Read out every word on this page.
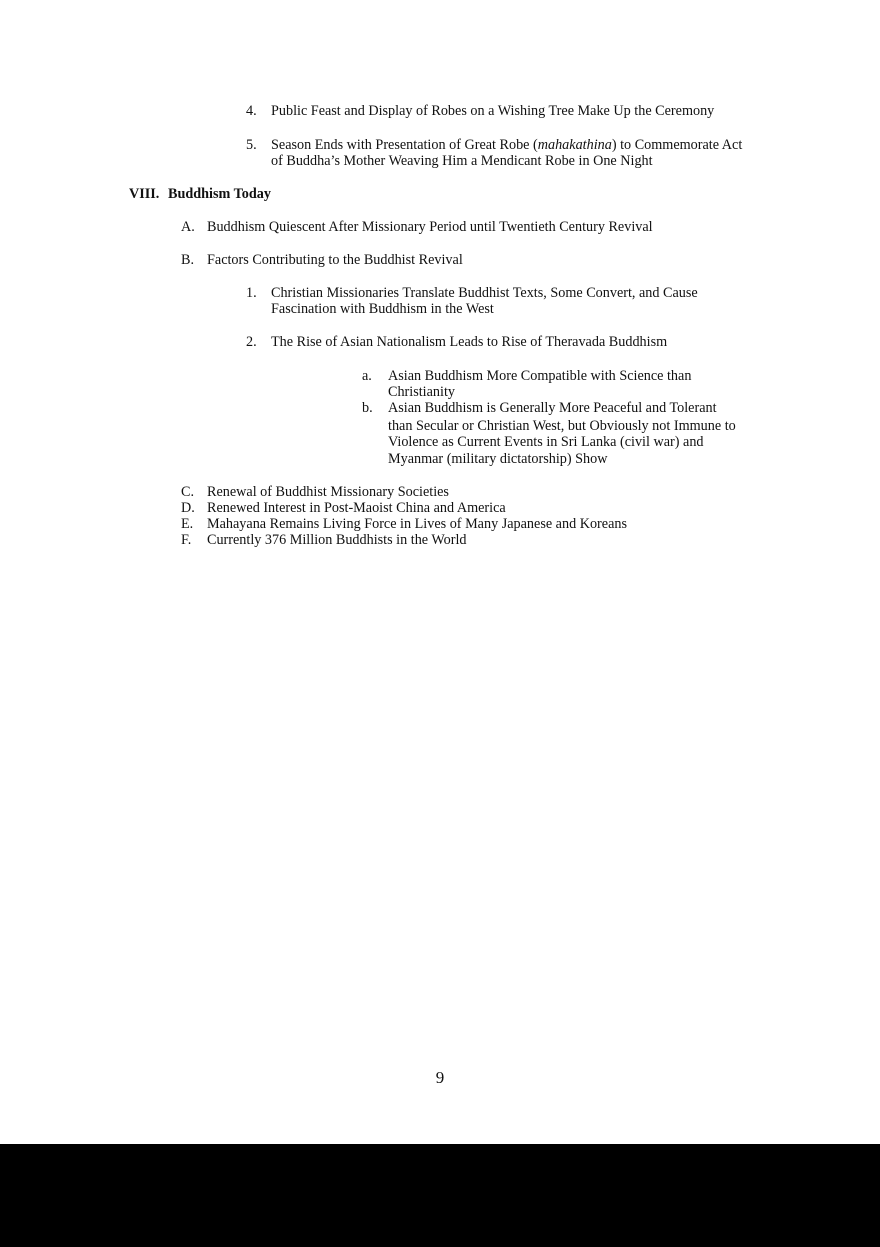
4. Public Feast and Display of Robes on a Wishing Tree Make Up the Ceremony
5. Season Ends with Presentation of Great Robe (mahakathina) to Commemorate Act
of Buddha’s Mother Weaving Him a Mendicant Robe in One Night
VIII. Buddhism Today
A. Buddhism Quiescent After Missionary Period until Twentieth Century Revival
B. Factors Contributing to the Buddhist Revival
1. Christian Missionaries Translate Buddhist Texts, Some Convert, and Cause
Fascination with Buddhism in the West
2. The Rise of Asian Nationalism Leads to Rise of Theravada Buddhism
a. Asian Buddhism More Compatible with Science than
Christianity
b. Asian Buddhism is Generally More Peaceful and Tolerant
than Secular or Christian West, but Obviously not Immune to
Violence as Current Events in Sri Lanka (civil war) and
Myanmar (military dictatorship) Show
C. Renewal of Buddhist Missionary Societies
D. Renewed Interest in Post-Maoist China and America
E. Mahayana Remains Living Force in Lives of Many Japanese and Koreans
F. Currently 376 Million Buddhists in the World
9
